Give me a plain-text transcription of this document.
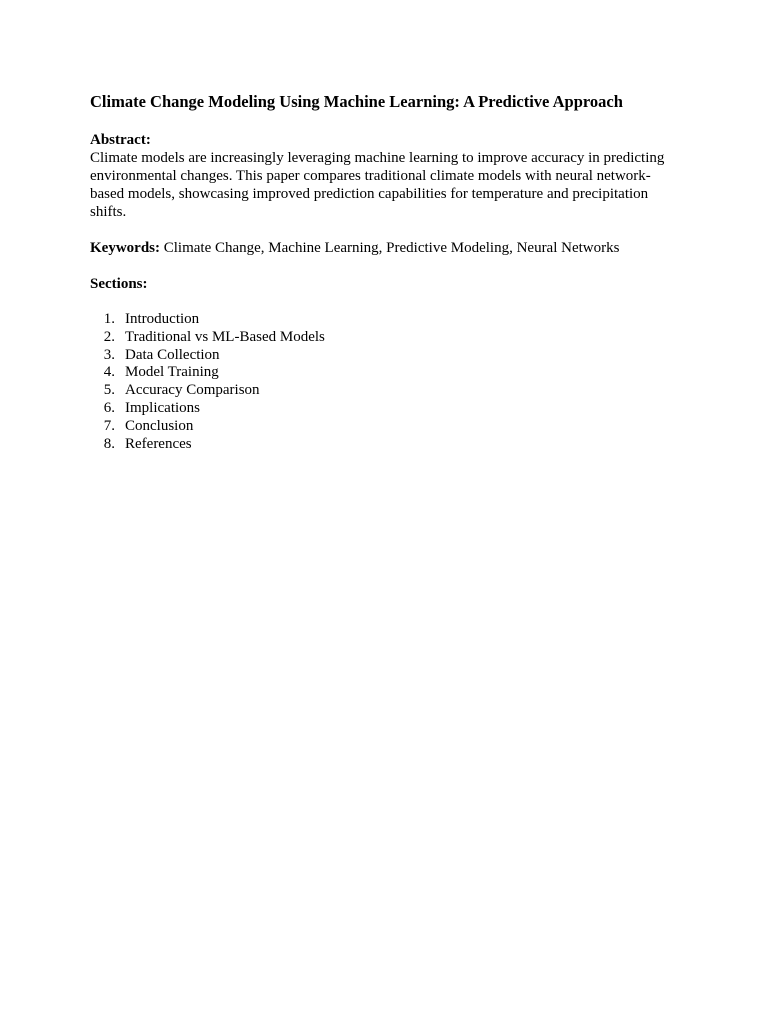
Climate Change Modeling Using Machine Learning: A Predictive Approach
Abstract:

Climate models are increasingly leveraging machine learning to improve accuracy in predicting environmental changes. This paper compares traditional climate models with neural network-based models, showcasing improved prediction capabilities for temperature and precipitation shifts.

Keywords: Climate Change, Machine Learning, Predictive Modeling, Neural Networks

Sections:
1. Introduction
2. Traditional vs ML-Based Models
3. Data Collection
4. Model Training
5. Accuracy Comparison
6. Implications
7. Conclusion
8. References
